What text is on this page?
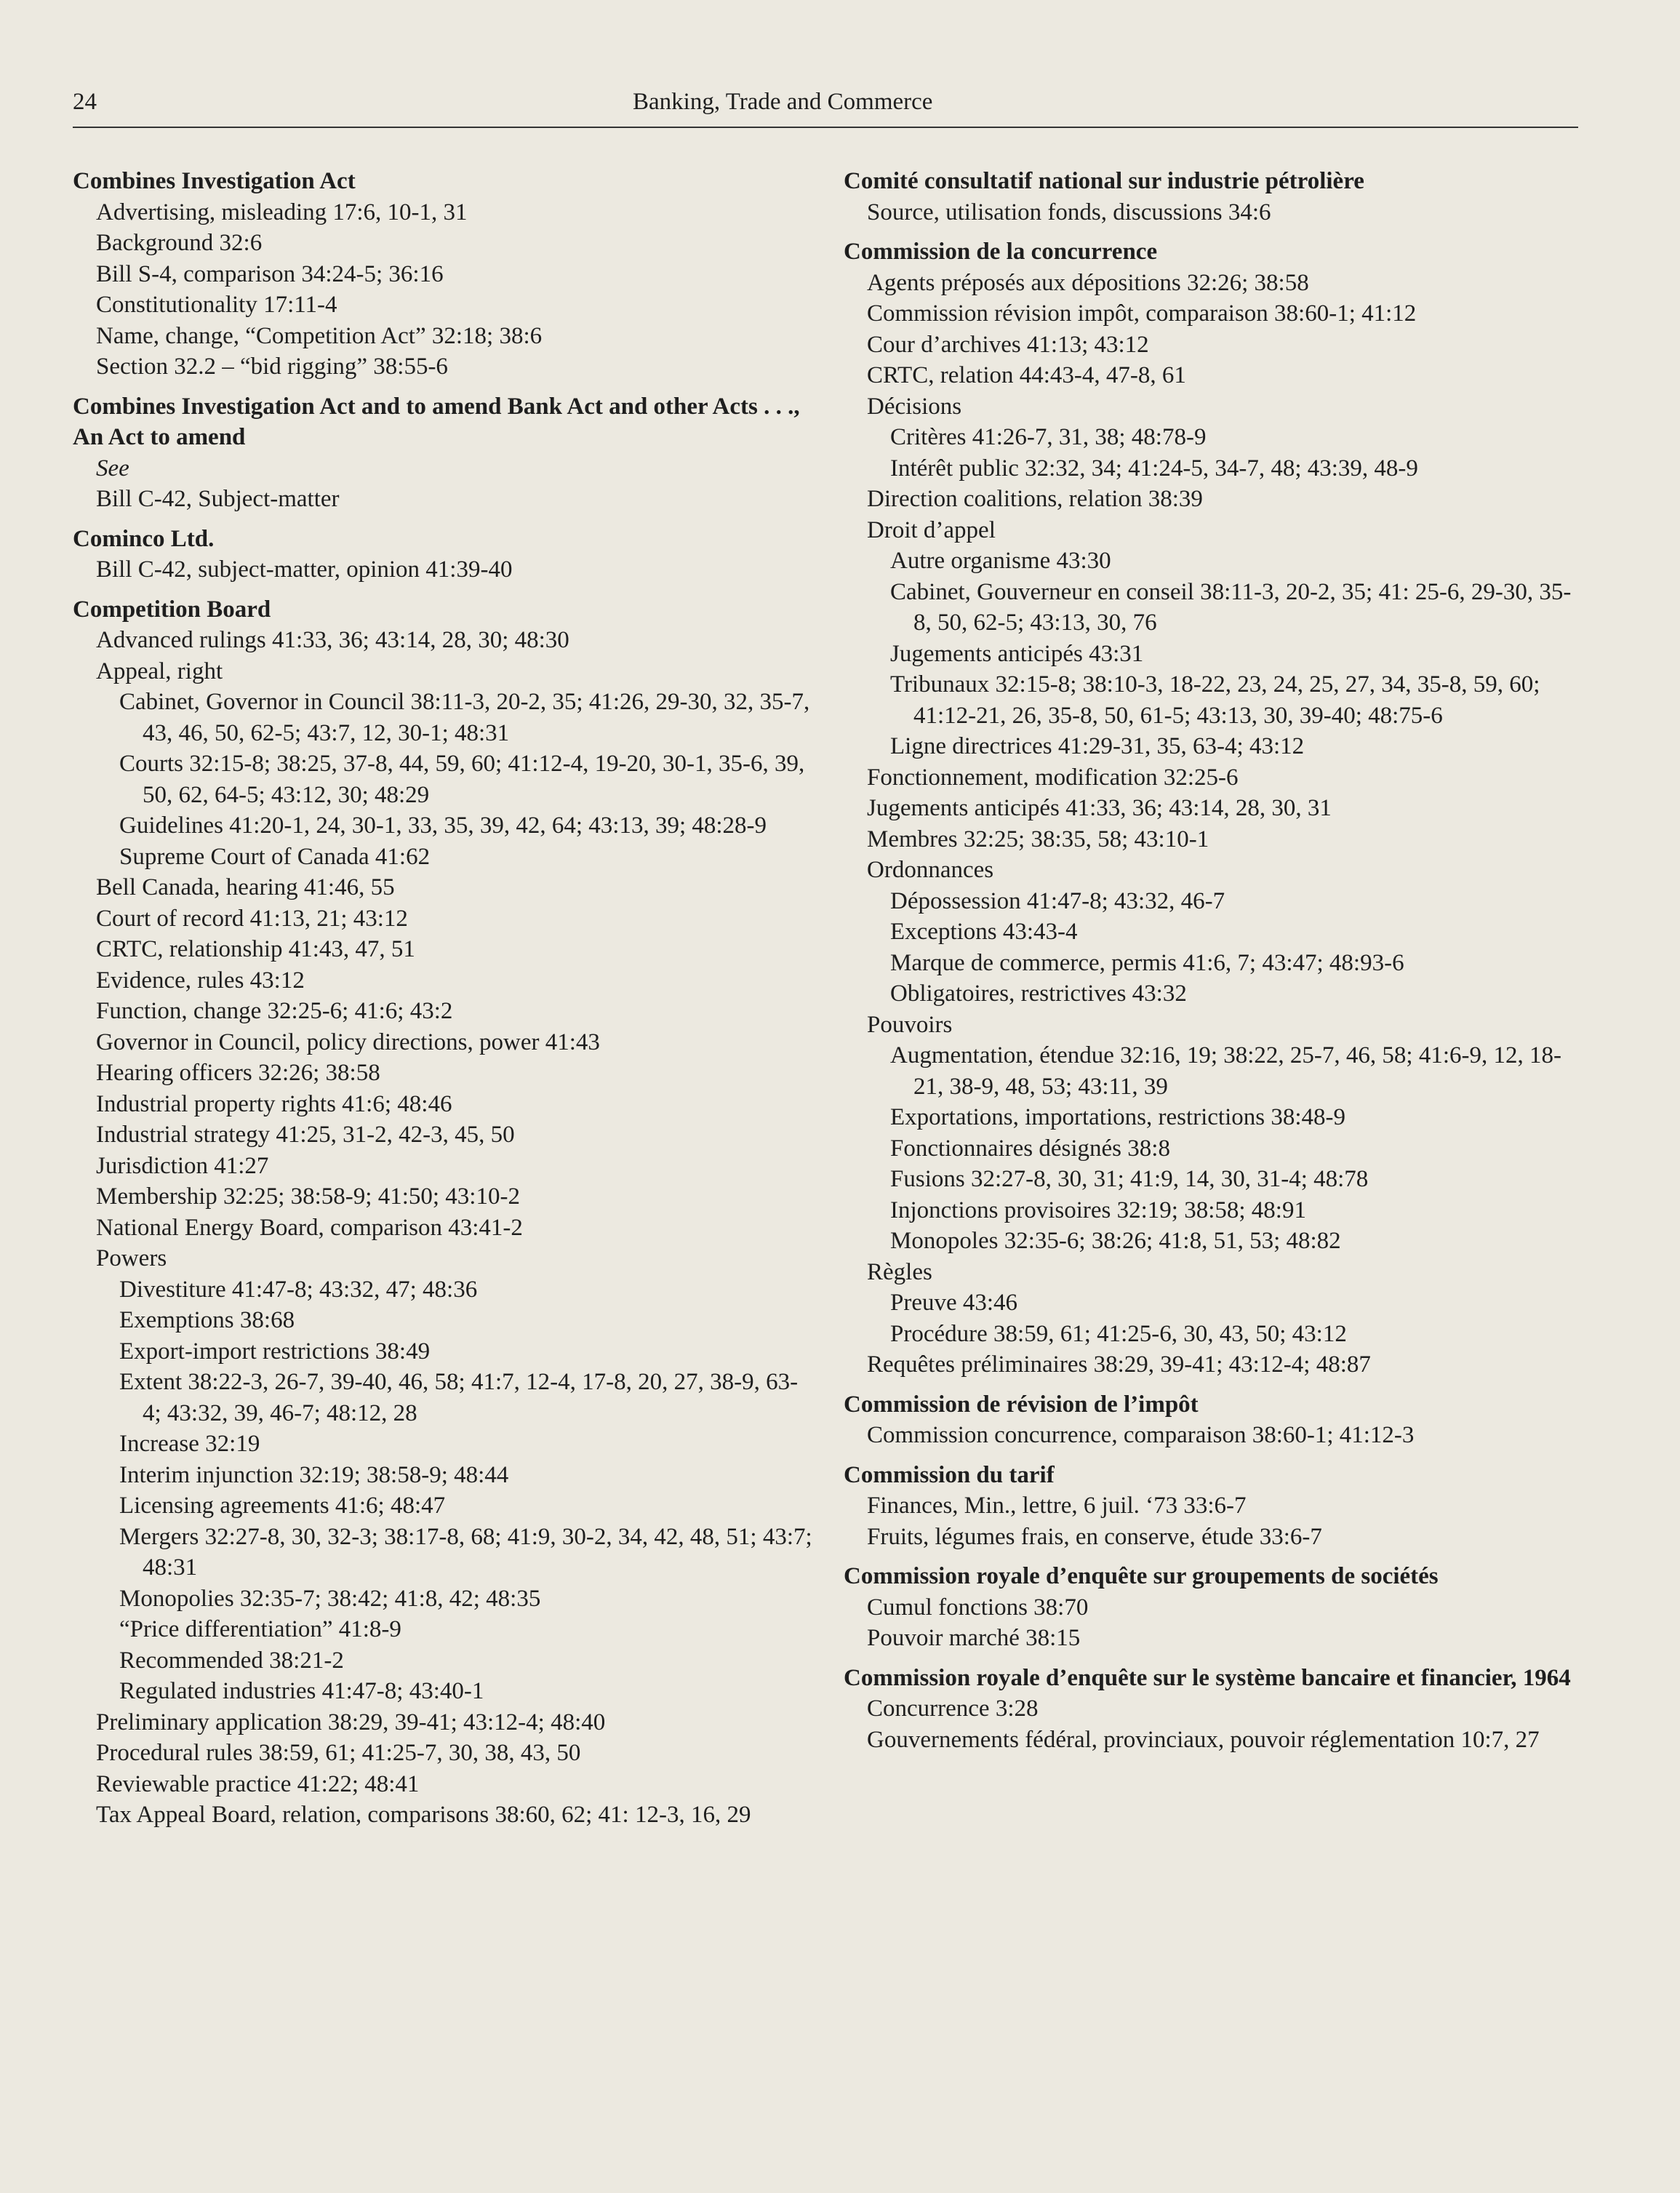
24	Banking, Trade and Commerce

Combines Investigation Act

Advertising, misleading 17:6, 10-1, 31

Background 32:6

Bill S-4, comparison 34:24-5; 36:16

Constitutionality 17:11-4

Name, change, “Competition Act” 32:18; 38:6

Section 32.2 – “bid rigging” 38:55-6

Combines Investigation Act and to amend Bank Act and other Acts . . ., An Act to amend

See

Bill C-42, Subject-matter

Cominco Ltd.

Bill C-42, subject-matter, opinion 41:39-40

Competition Board

Advanced rulings 41:33, 36; 43:14, 28, 30; 48:30

Appeal, right

Cabinet, Governor in Council 38:11-3, 20-2, 35; 41:26, 29-30, 32, 35-7, 43, 46, 50, 62-5; 43:7, 12, 30-1; 48:31

Courts 32:15-8; 38:25, 37-8, 44, 59, 60; 41:12-4, 19-20, 30-1, 35-6, 39, 50, 62, 64-5; 43:12, 30; 48:29

Guidelines 41:20-1, 24, 30-1, 33, 35, 39, 42, 64; 43:13, 39; 48:28-9

Supreme Court of Canada 41:62

Bell Canada, hearing 41:46, 55

Court of record 41:13, 21; 43:12

CRTC, relationship 41:43, 47, 51

Evidence, rules 43:12

Function, change 32:25-6; 41:6; 43:2

Governor in Council, policy directions, power 41:43

Hearing officers 32:26; 38:58

Industrial property rights 41:6; 48:46

Industrial strategy 41:25, 31-2, 42-3, 45, 50

Jurisdiction 41:27

Membership 32:25; 38:58-9; 41:50; 43:10-2

National Energy Board, comparison 43:41-2

Powers

Divestiture 41:47-8; 43:32, 47; 48:36

Exemptions 38:68

Export-import restrictions 38:49

Extent 38:22-3, 26-7, 39-40, 46, 58; 41:7, 12-4, 17-8, 20, 27, 38-9, 63-4; 43:32, 39, 46-7; 48:12, 28

Increase 32:19

Interim injunction 32:19; 38:58-9; 48:44

Licensing agreements 41:6; 48:47

Mergers 32:27-8, 30, 32-3; 38:17-8, 68; 41:9, 30-2, 34, 42, 48, 51; 43:7; 48:31

Monopolies 32:35-7; 38:42; 41:8, 42; 48:35

“Price differentiation” 41:8-9

Recommended 38:21-2

Regulated industries 41:47-8; 43:40-1

Preliminary application 38:29, 39-41; 43:12-4; 48:40

Procedural rules 38:59, 61; 41:25-7, 30, 38, 43, 50

Reviewable practice 41:22; 48:41

Tax Appeal Board, relation, comparisons 38:60, 62; 41: 12-3, 16, 29

Comité consultatif national sur industrie pétrolière

Source, utilisation fonds, discussions 34:6

Commission de la concurrence

Agents préposés aux dépositions 32:26; 38:58

Commission révision impôt, comparaison 38:60-1; 41:12

Cour d’archives 41:13; 43:12

CRTC, relation 44:43-4, 47-8, 61

Décisions

Critères 41:26-7, 31, 38; 48:78-9

Intérêt public 32:32, 34; 41:24-5, 34-7, 48; 43:39, 48-9

Direction coalitions, relation 38:39

Droit d’appel

Autre organisme 43:30

Cabinet, Gouverneur en conseil 38:11-3, 20-2, 35; 41: 25-6, 29-30, 35-8, 50, 62-5; 43:13, 30, 76

Jugements anticipés 43:31

Tribunaux 32:15-8; 38:10-3, 18-22, 23, 24, 25, 27, 34, 35-8, 59, 60; 41:12-21, 26, 35-8, 50, 61-5; 43:13, 30, 39-40; 48:75-6

Ligne directrices 41:29-31, 35, 63-4; 43:12

Fonctionnement, modification 32:25-6

Jugements anticipés 41:33, 36; 43:14, 28, 30, 31

Membres 32:25; 38:35, 58; 43:10-1

Ordonnances

Dépossession 41:47-8; 43:32, 46-7

Exceptions 43:43-4

Marque de commerce, permis 41:6, 7; 43:47; 48:93-6

Obligatoires, restrictives 43:32

Pouvoirs

Augmentation, étendue 32:16, 19; 38:22, 25-7, 46, 58; 41:6-9, 12, 18-21, 38-9, 48, 53; 43:11, 39

Exportations, importations, restrictions 38:48-9

Fonctionnaires désignés 38:8

Fusions 32:27-8, 30, 31; 41:9, 14, 30, 31-4; 48:78

Injonctions provisoires 32:19; 38:58; 48:91

Monopoles 32:35-6; 38:26; 41:8, 51, 53; 48:82

Règles

Preuve 43:46

Procédure 38:59, 61; 41:25-6, 30, 43, 50; 43:12

Requêtes préliminaires 38:29, 39-41; 43:12-4; 48:87

Commission de révision de l’impôt

Commission concurrence, comparaison 38:60-1; 41:12-3

Commission du tarif

Finances, Min., lettre, 6 juil. ‘73 33:6-7

Fruits, légumes frais, en conserve, étude 33:6-7

Commission royale d’enquête sur groupements de sociétés

Cumul fonctions 38:70

Pouvoir marché 38:15

Commission royale d’enquête sur le système bancaire et financier, 1964

Concurrence 3:28

Gouvernements fédéral, provinciaux, pouvoir réglementation 10:7, 27
